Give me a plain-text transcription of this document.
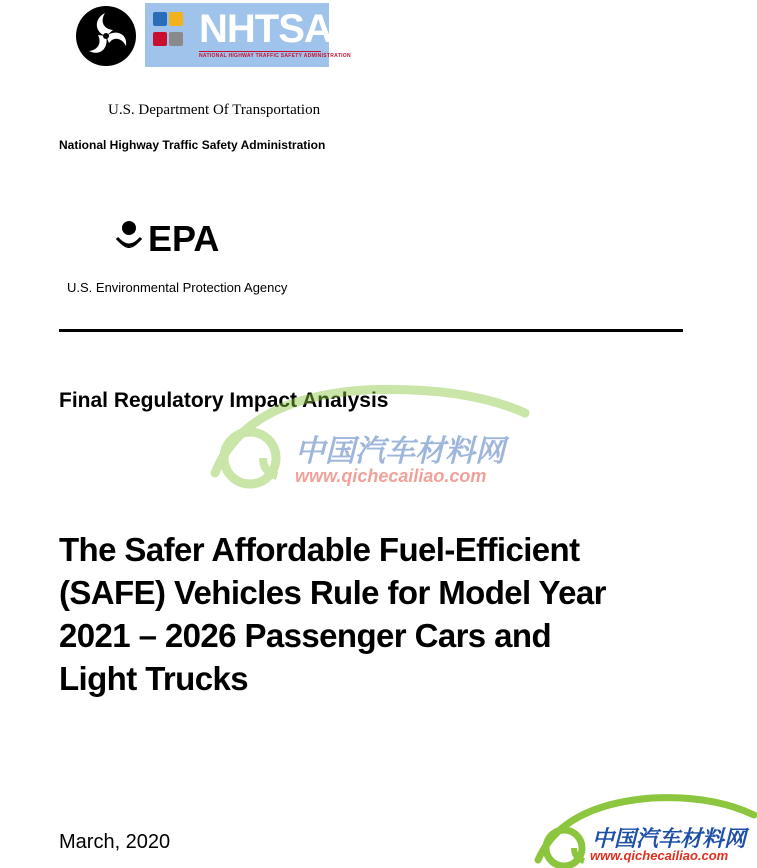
NHTSA
NATIONAL HIGHWAY TRAFFIC SAFETY ADMINISTRATION
U.S. Department Of Transportation
National Highway Traffic Safety Administration
EPA
U.S. Environmental Protection Agency
Final Regulatory Impact Analysis
The Safer Affordable Fuel-Efficient
(SAFE) Vehicles Rule for Model Year
2021 – 2026 Passenger Cars and
Light Trucks
March, 2020
中国汽车材料网
www.qichecailiao.com
中国汽车材料网
www.qichecailiao.com
